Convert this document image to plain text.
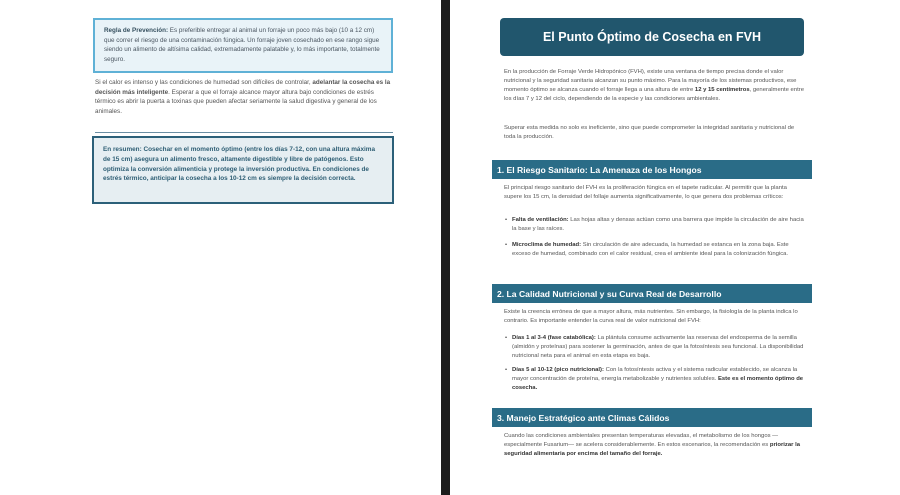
Regla de Prevención: Es preferible entregar al animal un forraje un poco más bajo (10 a 12 cm) que correr el riesgo de una contaminación fúngica. Un forraje joven cosechado en ese rango sigue siendo un alimento de altísima calidad, extremadamente palatable y, lo más importante, totalmente seguro.
Si el calor es intenso y las condiciones de humedad son difíciles de controlar, adelantar la cosecha es la decisión más inteligente. Esperar a que el forraje alcance mayor altura bajo condiciones de estrés térmico es abrir la puerta a toxinas que pueden afectar seriamente la salud digestiva y general de los animales.
En resumen: Cosechar en el momento óptimo (entre los días 7-12, con una altura máxima de 15 cm) asegura un alimento fresco, altamente digestible y libre de patógenos. Esto optimiza la conversión alimenticia y protege la inversión productiva. En condiciones de estrés térmico, anticipar la cosecha a los 10-12 cm es siempre la decisión correcta.
El Punto Óptimo de Cosecha en FVH
En la producción de Forraje Verde Hidropónico (FVH), existe una ventana de tiempo precisa donde el valor nutricional y la seguridad sanitaria alcanzan su punto máximo. Para la mayoría de los sistemas productivos, ese momento óptimo se alcanza cuando el forraje llega a una altura de entre 12 y 15 centímetros, generalmente entre los días 7 y 12 del ciclo, dependiendo de la especie y las condiciones ambientales.
Superar esta medida no solo es ineficiente, sino que puede comprometer la integridad sanitaria y nutricional de toda la producción.
1. El Riesgo Sanitario: La Amenaza de los Hongos
El principal riesgo sanitario del FVH es la proliferación fúngica en el tapete radicular. Al permitir que la planta supere los 15 cm, la densidad del follaje aumenta significativamente, lo que genera dos problemas críticos:
• Falta de ventilación: Las hojas altas y densas actúan como una barrera que impide la circulación de aire hacia la base y las raíces.
• Microclima de humedad: Sin circulación de aire adecuada, la humedad se estanca en la zona baja. Este exceso de humedad, combinado con el calor residual, crea el ambiente ideal para la colonización fúngica.
2. La Calidad Nutricional y su Curva Real de Desarrollo
Existe la creencia errónea de que a mayor altura, más nutrientes. Sin embargo, la fisiología de la planta indica lo contrario. Es importante entender la curva real de valor nutricional del FVH:
• Días 1 al 3-4 (fase catabólica): La plántula consume activamente las reservas del endosperma de la semilla (almidón y proteínas) para sostener la germinación, antes de que la fotosíntesis sea funcional. La disponibilidad nutricional neta para el animal en esta etapa es baja.
• Días 5 al 10-12 (pico nutricional): Con la fotosíntesis activa y el sistema radicular establecido, se alcanza la mayor concentración de proteína, energía metabolizable y nutrientes solubles. Este es el momento óptimo de cosecha.
3. Manejo Estratégico ante Climas Cálidos
Cuando las condiciones ambientales presentan temperaturas elevadas, el metabolismo de los hongos —especialmente Fusarium— se acelera considerablemente. En estos escenarios, la recomendación es priorizar la seguridad alimentaria por encima del tamaño del forraje.
